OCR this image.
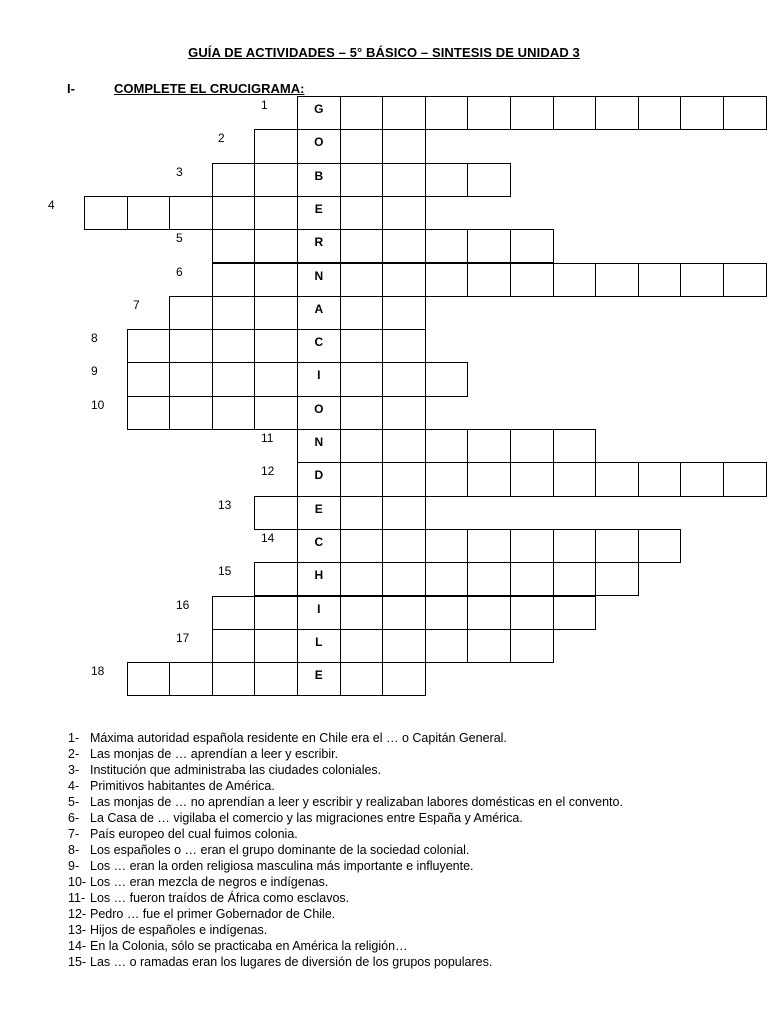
GUÍA DE ACTIVIDADES – 5° BÁSICO – SINTESIS DE UNIDAD 3
I-	COMPLETE EL CRUCIGRAMA:
G
1
O
2
B
3
E
4
R
5
N
6
A
7
C
8
I
9
O
10
N
11
D
12
E
13
C
14
H
15
I
16
L
17
E
18
1- Máxima autoridad española residente en Chile era el … o Capitán General.
2- Las monjas de … aprendían a leer y escribir.
3- Institución que administraba las ciudades coloniales.
4- Primitivos habitantes de América.
5- Las monjas de … no aprendían a leer y escribir y realizaban labores domésticas en el convento.
6- La Casa de … vigilaba el comercio y las migraciones entre España y América.
7- País europeo del cual fuimos colonia.
8- Los españoles o … eran el grupo dominante de la sociedad colonial.
9- Los … eran la orden religiosa masculina más importante e influyente.
10- Los … eran mezcla de negros e indígenas.
11- Los … fueron traídos de África como esclavos.
12- Pedro … fue el primer Gobernador de Chile.
13- Hijos de españoles e indígenas.
14- En la Colonia, sólo se practicaba en América la religión…
15- Las … o ramadas eran los lugares de diversión de los grupos populares.
